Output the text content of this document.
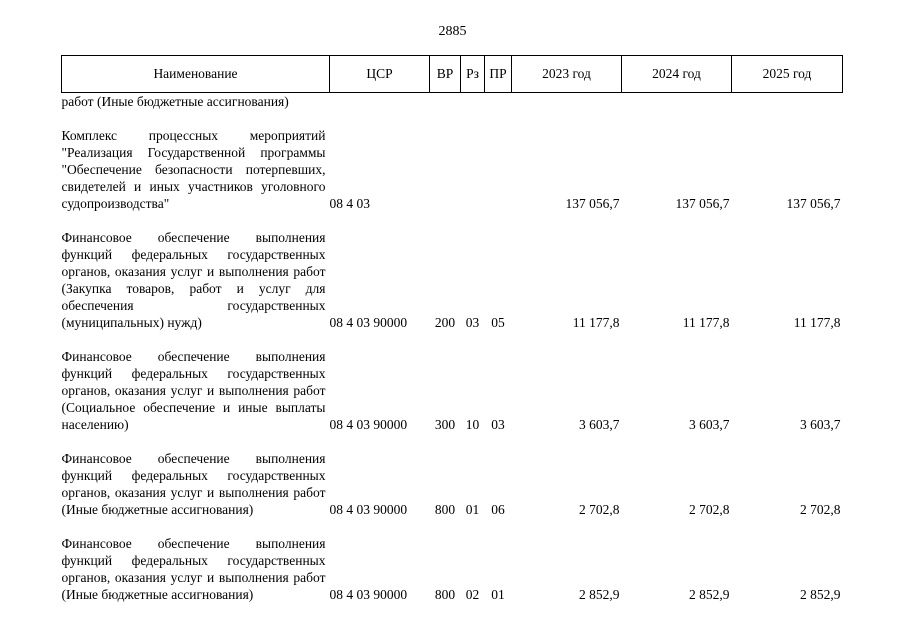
2885
Наименование	ЦСР	ВР	Рз	ПР	2023 год	2024 год	2025 год
работ (Иные бюджетные ассигнования)							

Комплекс процессных мероприятий "Реализация Государственной программы "Обеспечение безопасности потерпевших, свидетелей и иных участников уголовного судопроизводства"	08 4 03				137 056,7	137 056,7	137 056,7

Финансовое обеспечение выполнения функций федеральных государственных органов, оказания услуг и выполнения работ (Закупка товаров, работ и услуг для обеспечения государственных (муниципальных) нужд)	08 4 03 90000	200	03	05	11 177,8	11 177,8	11 177,8

Финансовое обеспечение выполнения функций федеральных государственных органов, оказания услуг и выполнения работ (Социальное обеспечение и иные выплаты населению)	08 4 03 90000	300	10	03	3 603,7	3 603,7	3 603,7

Финансовое обеспечение выполнения функций федеральных государственных органов, оказания услуг и выполнения работ (Иные бюджетные ассигнования)	08 4 03 90000	800	01	06	2 702,8	2 702,8	2 702,8

Финансовое обеспечение выполнения функций федеральных государственных органов, оказания услуг и выполнения работ (Иные бюджетные ассигнования)	08 4 03 90000	800	02	01	2 852,9	2 852,9	2 852,9
